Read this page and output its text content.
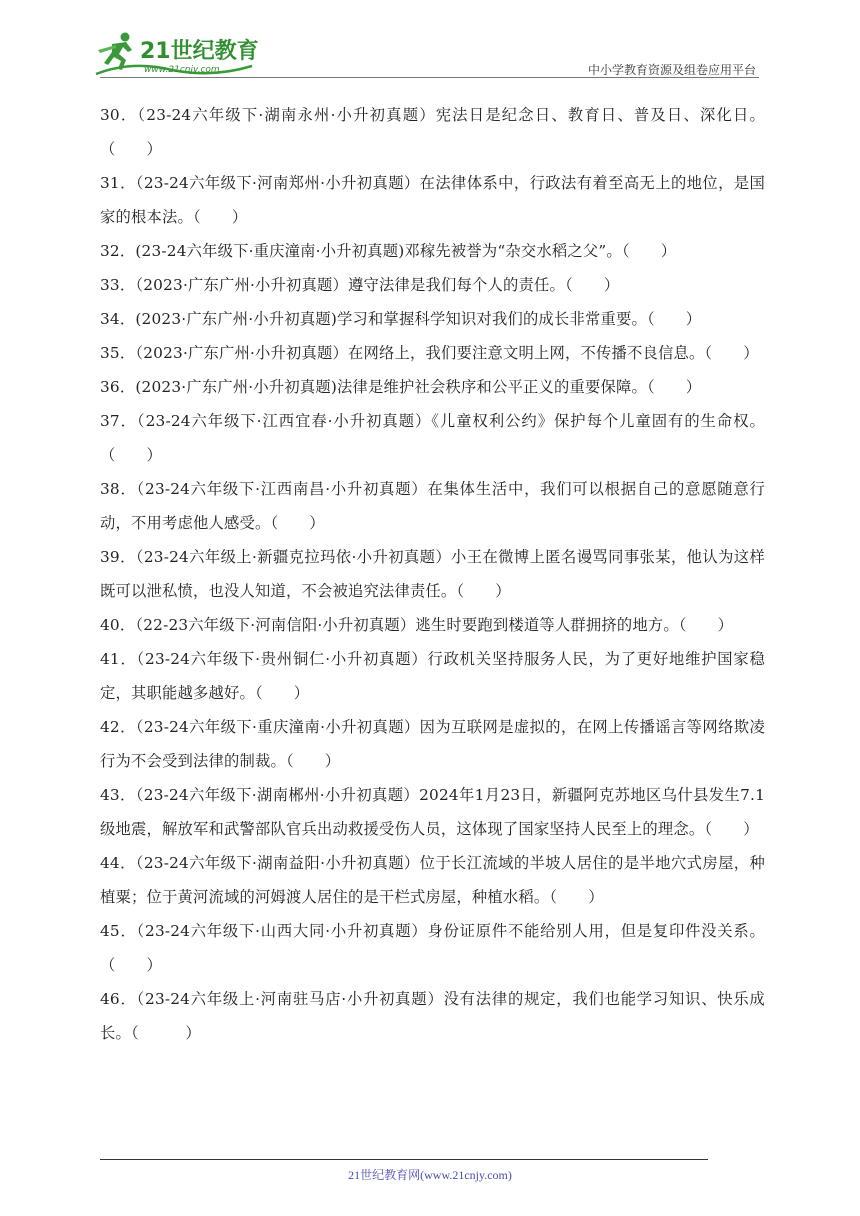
21世纪教育
www.21cnjy.com	中小学教育资源及组卷应用平台

30．（23-24六年级下·湖南永州·小升初真题）宪法日是纪念日、教育日、普及日、深化日。（　　）

31．（23-24六年级下·河南郑州·小升初真题）在法律体系中，行政法有着至高无上的地位，是国家的根本法。（　　）

32．(23-24六年级下·重庆潼南·小升初真题)邓稼先被誉为“杂交水稻之父”。（　　）

33．（2023·广东广州·小升初真题）遵守法律是我们每个人的责任。（　　）

34．(2023·广东广州·小升初真题)学习和掌握科学知识对我们的成长非常重要。（　　）

35．（2023·广东广州·小升初真题）在网络上，我们要注意文明上网，不传播不良信息。（　　）

36．(2023·广东广州·小升初真题)法律是维护社会秩序和公平正义的重要保障。（　　）

37．（23-24六年级下·江西宜春·小升初真题）《儿童权利公约》保护每个儿童固有的生命权。（　　）

38．（23-24六年级下·江西南昌·小升初真题）在集体生活中，我们可以根据自己的意愿随意行动，不用考虑他人感受。（　　）

39．（23-24六年级上·新疆克拉玛依·小升初真题）小王在微博上匿名谩骂同事张某，他认为这样既可以泄私愤，也没人知道，不会被追究法律责任。（　　）

40．（22-23六年级下·河南信阳·小升初真题）逃生时要跑到楼道等人群拥挤的地方。（　　）

41．（23-24六年级下·贵州铜仁·小升初真题）行政机关坚持服务人民，为了更好地维护国家稳定，其职能越多越好。（　　）

42．（23-24六年级下·重庆潼南·小升初真题）因为互联网是虚拟的，在网上传播谣言等网络欺凌行为不会受到法律的制裁。（　　）

43．（23-24六年级下·湖南郴州·小升初真题）2024年1月23日，新疆阿克苏地区乌什县发生7.1级地震，解放军和武警部队官兵出动救援受伤人员，这体现了国家坚持人民至上的理念。（　　）

44．（23-24六年级下·湖南益阳·小升初真题）位于长江流域的半坡人居住的是半地穴式房屋，种植粟；位于黄河流域的河姆渡人居住的是干栏式房屋，种植水稻。（　　）

45．（23-24六年级下·山西大同·小升初真题）身份证原件不能给别人用，但是复印件没关系。（　　）

46．（23-24六年级上·河南驻马店·小升初真题）没有法律的规定，我们也能学习知识、快乐成长。（　　　）

21世纪教育网(www.21cnjy.com)
